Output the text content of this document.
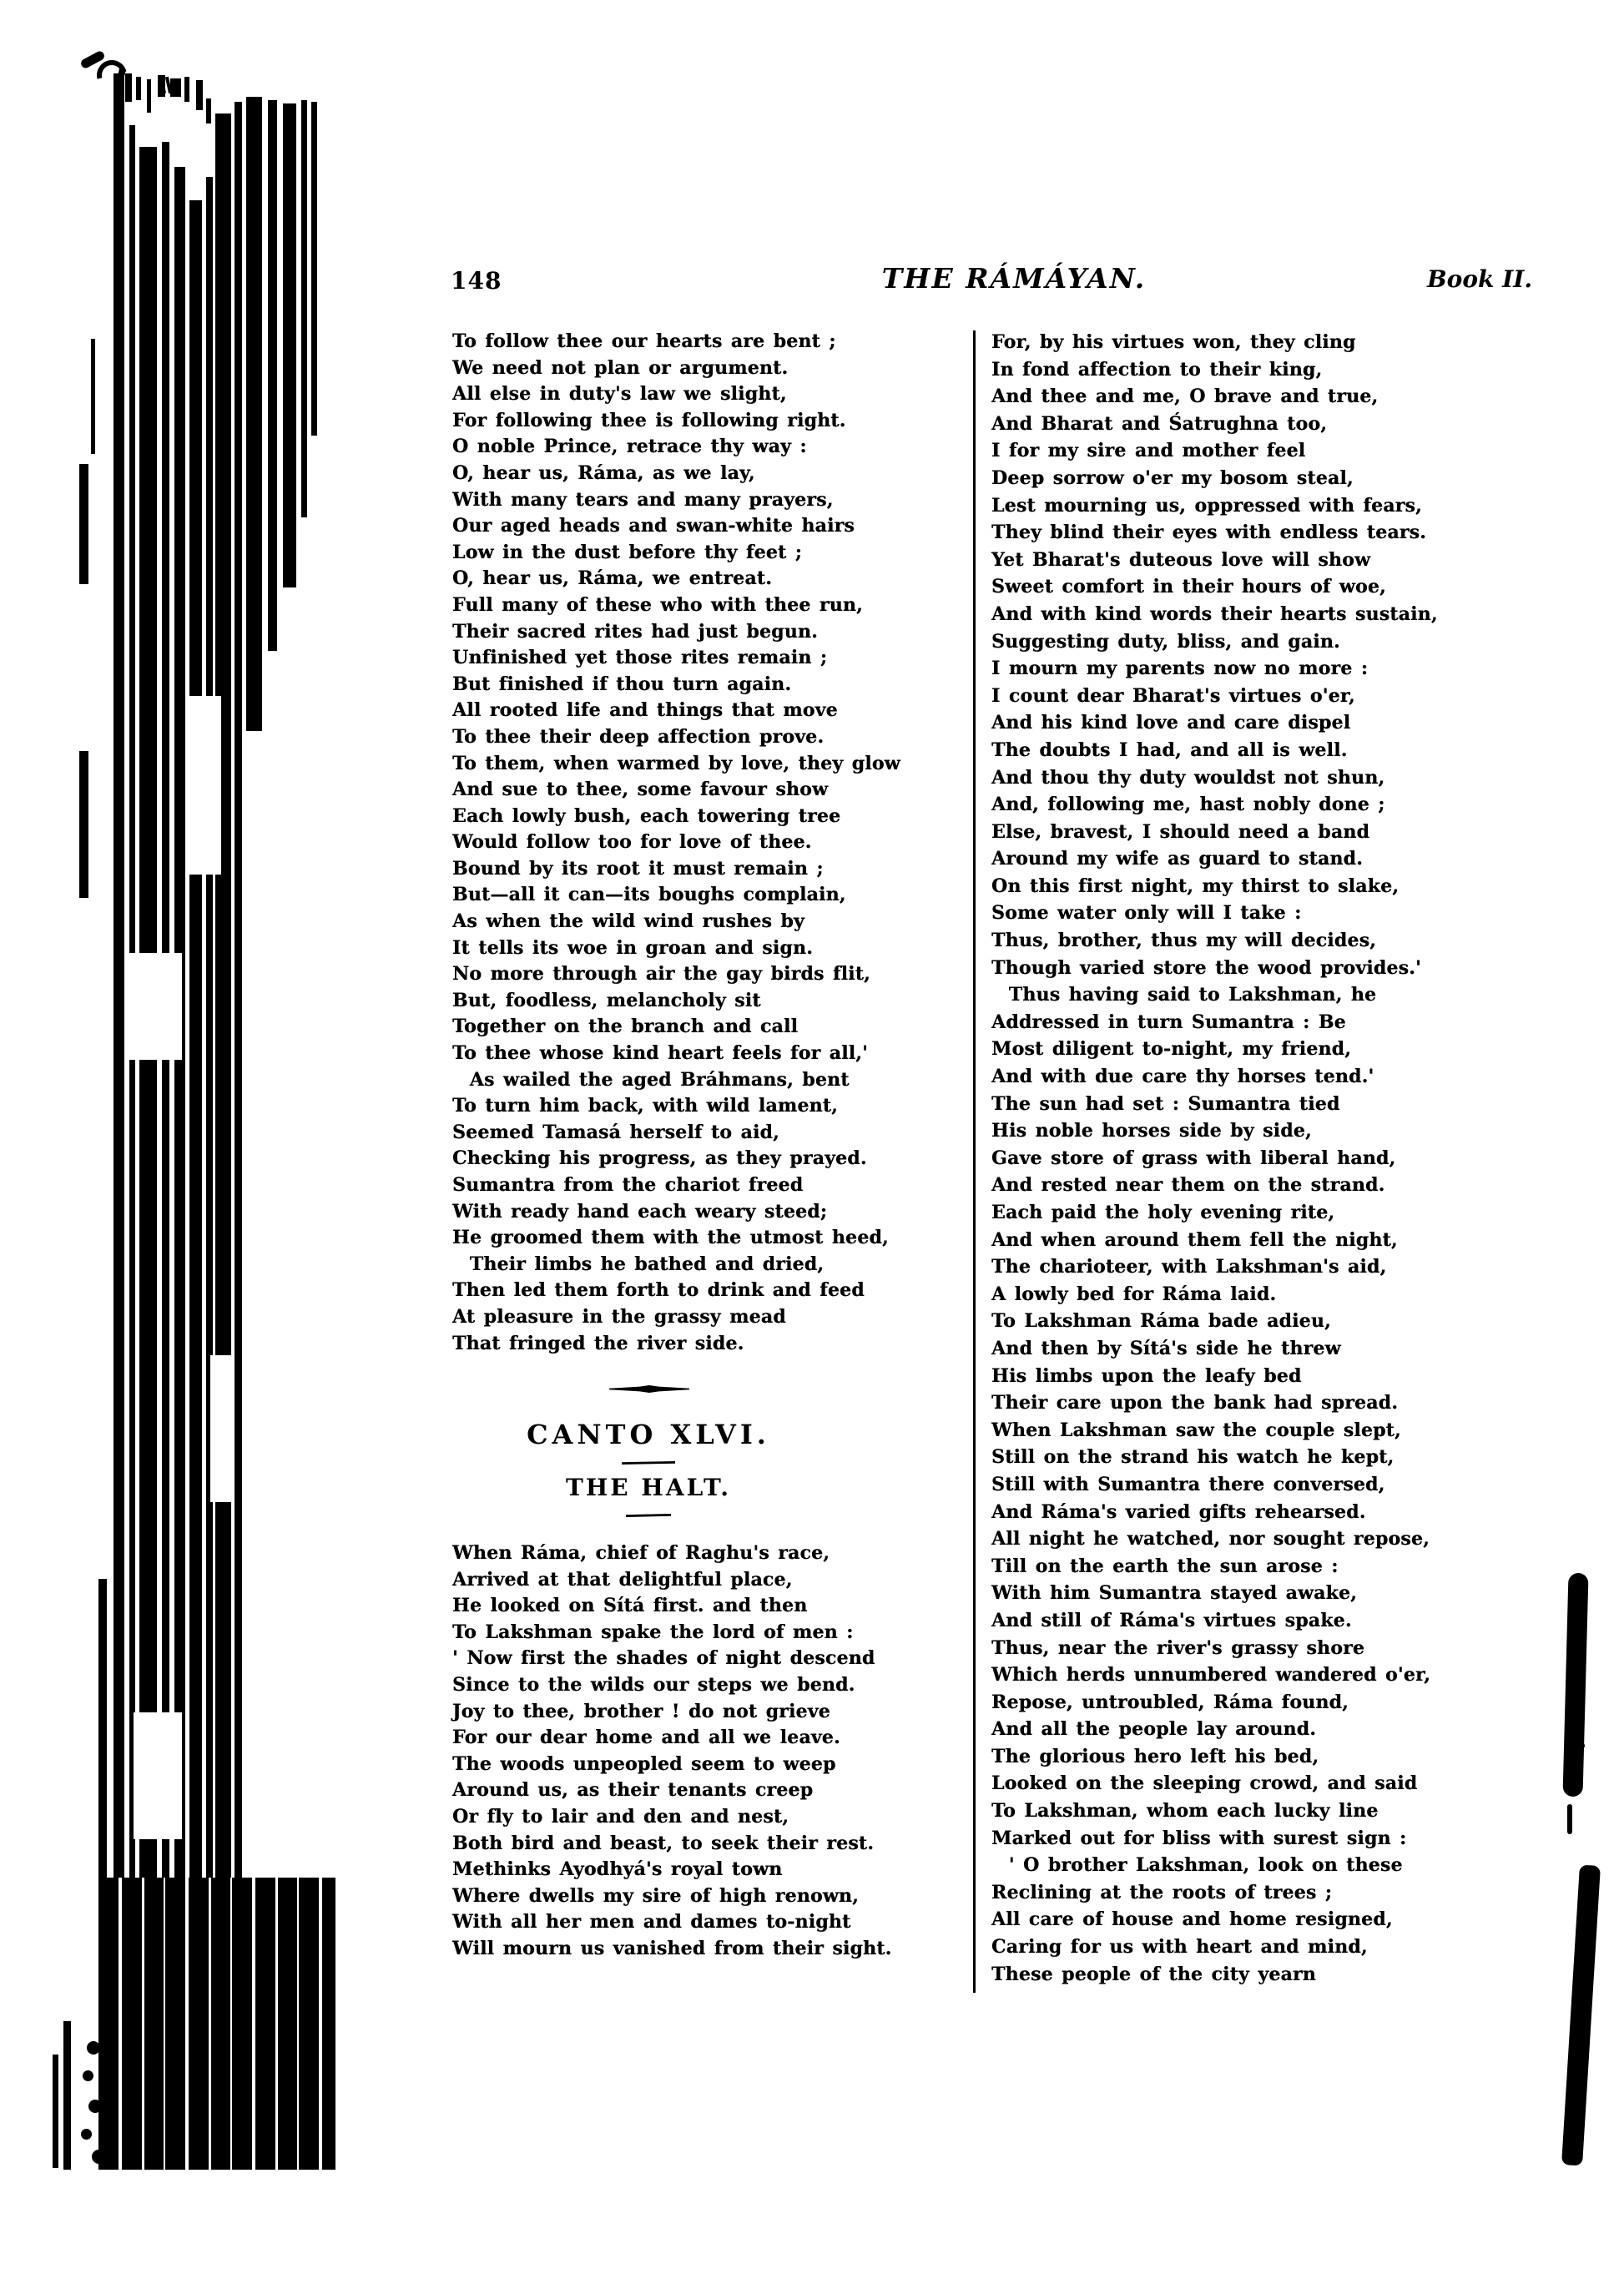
148	THE RÁMÁYAN.	Book II.
To follow thee our hearts are bent ;
We need not plan or argument.
All else in duty's law we slight,
For following thee is following right.
O noble Prince, retrace thy way :
O, hear us, Ráma, as we lay,
With many tears and many prayers,
Our aged heads and swan-white hairs
Low in the dust before thy feet ;
O, hear us, Ráma, we entreat.
Full many of these who with thee run,
Their sacred rites had just begun.
Unfinished yet those rites remain ;
But finished if thou turn again.
All rooted life and things that move
To thee their deep affection prove.
To them, when warmed by love, they glow
And sue to thee, some favour show
Each lowly bush, each towering tree
Would follow too for love of thee.
Bound by its root it must remain ;
But—all it can—its boughs complain,
As when the wild wind rushes by
It tells its woe in groan and sign.
No more through air the gay birds flit,
But, foodless, melancholy sit
Together on the branch and call
To thee whose kind heart feels for all,'
As wailed the aged Bráhmans, bent
To turn him back, with wild lament,
Seemed Tamasá herself to aid,
Checking his progress, as they prayed.
Sumantra from the chariot freed
With ready hand each weary steed;
He groomed them with the utmost heed,
Their limbs he bathed and dried,
Then led them forth to drink and feed
At pleasure in the grassy mead
That fringed the river side.
CANTO XLVI.
THE HALT.
When Ráma, chief of Raghu's race,
Arrived at that delightful place,
He looked on Sítá first. and then
To Lakshman spake the lord of men :
' Now first the shades of night descend
Since to the wilds our steps we bend.
Joy to thee, brother ! do not grieve
For our dear home and all we leave.
The woods unpeopled seem to weep
Around us, as their tenants creep
Or fly to lair and den and nest,
Both bird and beast, to seek their rest.
Methinks Ayodhyá's royal town
Where dwells my sire of high renown,
With all her men and dames to-night
Will mourn us vanished from their sight.
For, by his virtues won, they cling
In fond affection to their king,
And thee and me, O brave and true,
And Bharat and Śatrughna too,
I for my sire and mother feel
Deep sorrow o'er my bosom steal,
Lest mourning us, oppressed with fears,
They blind their eyes with endless tears.
Yet Bharat's duteous love will show
Sweet comfort in their hours of woe,
And with kind words their hearts sustain,
Suggesting duty, bliss, and gain.
I mourn my parents now no more :
I count dear Bharat's virtues o'er,
And his kind love and care dispel
The doubts I had, and all is well.
And thou thy duty wouldst not shun,
And, following me, hast nobly done ;
Else, bravest, I should need a band
Around my wife as guard to stand.
On this first night, my thirst to slake,
Some water only will I take :
Thus, brother, thus my will decides,
Though varied store the wood provides.'
Thus having said to Lakshman, he
Addressed in turn Sumantra : Be
Most diligent to-night, my friend,
And with due care thy horses tend.'
The sun had set : Sumantra tied
His noble horses side by side,
Gave store of grass with liberal hand,
And rested near them on the strand.
Each paid the holy evening rite,
And when around them fell the night,
The charioteer, with Lakshman's aid,
A lowly bed for Ráma laid.
To Lakshman Ráma bade adieu,
And then by Sítá's side he threw
His limbs upon the leafy bed
Their care upon the bank had spread.
When Lakshman saw the couple slept,
Still on the strand his watch he kept,
Still with Sumantra there conversed,
And Ráma's varied gifts rehearsed.
All night he watched, nor sought repose,
Till on the earth the sun arose :
With him Sumantra stayed awake,
And still of Ráma's virtues spake.
Thus, near the river's grassy shore
Which herds unnumbered wandered o'er,
Repose, untroubled, Ráma found,
And all the people lay around.
The glorious hero left his bed,
Looked on the sleeping crowd, and said
To Lakshman, whom each lucky line
Marked out for bliss with surest sign :
' O brother Lakshman, look on these
Reclining at the roots of trees ;
All care of house and home resigned,
Caring for us with heart and mind,
These people of the city yearn
